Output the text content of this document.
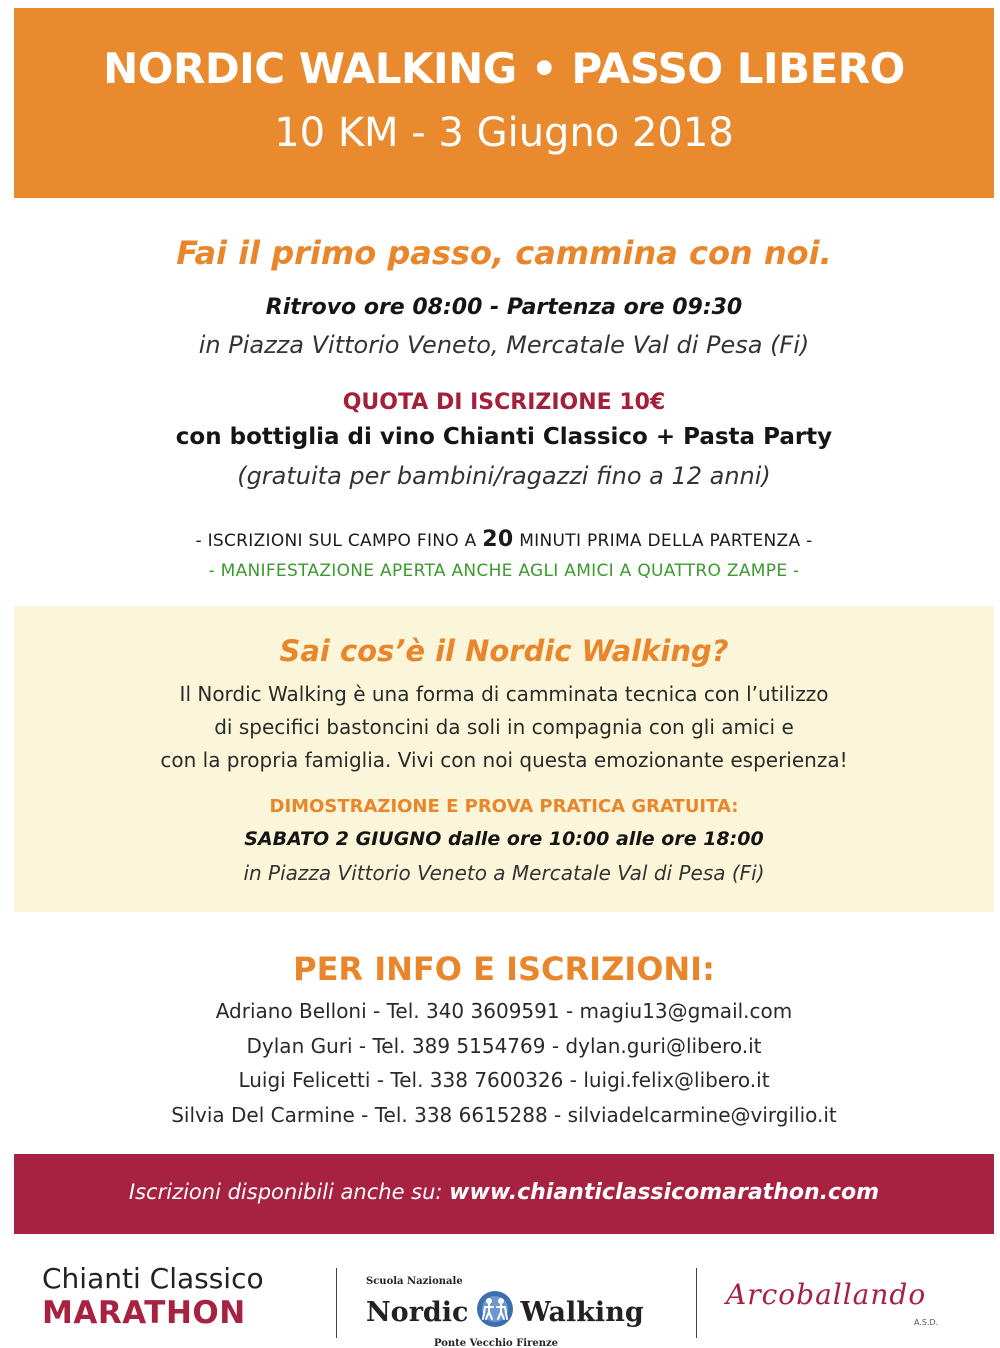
NORDIC WALKING • PASSO LIBERO
10 KM - 3 Giugno 2018
Fai il primo passo, cammina con noi.
Ritrovo ore 08:00 - Partenza ore 09:30
in Piazza Vittorio Veneto, Mercatale Val di Pesa (Fi)
QUOTA DI ISCRIZIONE 10€
con bottiglia di vino Chianti Classico + Pasta Party
(gratuita per bambini/ragazzi fino a 12 anni)
- ISCRIZIONI SUL CAMPO FINO A 20 MINUTI PRIMA DELLA PARTENZA -
- MANIFESTAZIONE APERTA ANCHE AGLI AMICI A QUATTRO ZAMPE -
Sai cos’è il Nordic Walking?
Il Nordic Walking è una forma di camminata tecnica con l’utilizzo
di specifici bastoncini da soli in compagnia con gli amici e
con la propria famiglia. Vivi con noi questa emozionante esperienza!
DIMOSTRAZIONE E PROVA PRATICA GRATUITA:
SABATO 2 GIUGNO dalle ore 10:00 alle ore 18:00
in Piazza Vittorio Veneto a Mercatale Val di Pesa (Fi)
PER INFO E ISCRIZIONI:
Adriano Belloni - Tel. 340 3609591 - magiu13@gmail.com
Dylan Guri - Tel. 389 5154769 - dylan.guri@libero.it
Luigi Felicetti - Tel. 338 7600326 - luigi.felix@libero.it
Silvia Del Carmine - Tel. 338 6615288 - silviadelcarmine@virgilio.it
Iscrizioni disponibili anche su: www.chianticlassicomarathon.com
Chianti Classico
MARATHON
Scuola Nazionale
Nordic Walking
Ponte Vecchio Firenze
Arcoballando
A.S.D.
